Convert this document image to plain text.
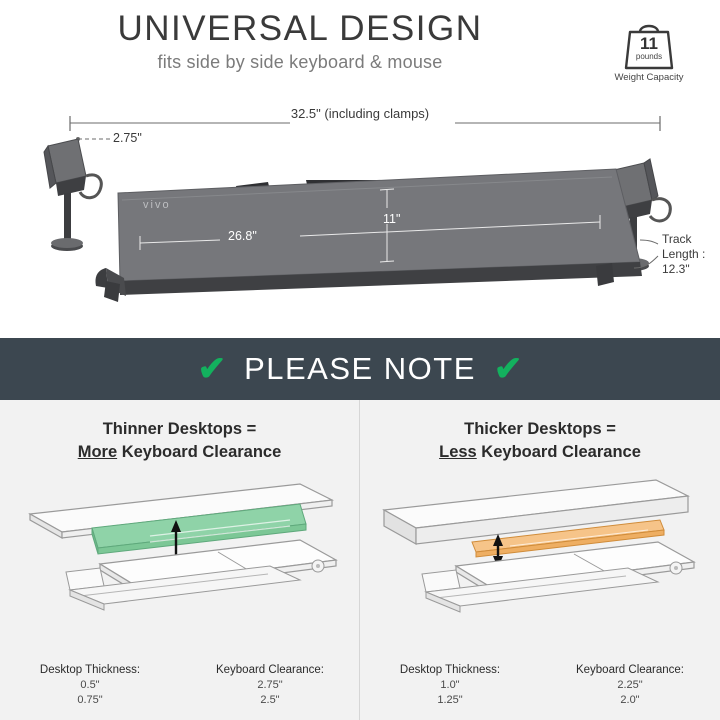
UNIVERSAL DESIGN
fits side by side keyboard & mouse
11
pounds
Weight Capacity
32.5" (including clamps)
vivo
2.75"
26.8"
11"
Track
Length :
12.3"
✔ PLEASE NOTE ✔
Thinner Desktops =
More Keyboard Clearance
Desktop Thickness:
0.5"
0.75"
Keyboard Clearance:
2.75"
2.5"
Thicker Desktops =
Less Keyboard Clearance
Desktop Thickness:
1.0"
1.25"
Keyboard Clearance:
2.25"
2.0"
